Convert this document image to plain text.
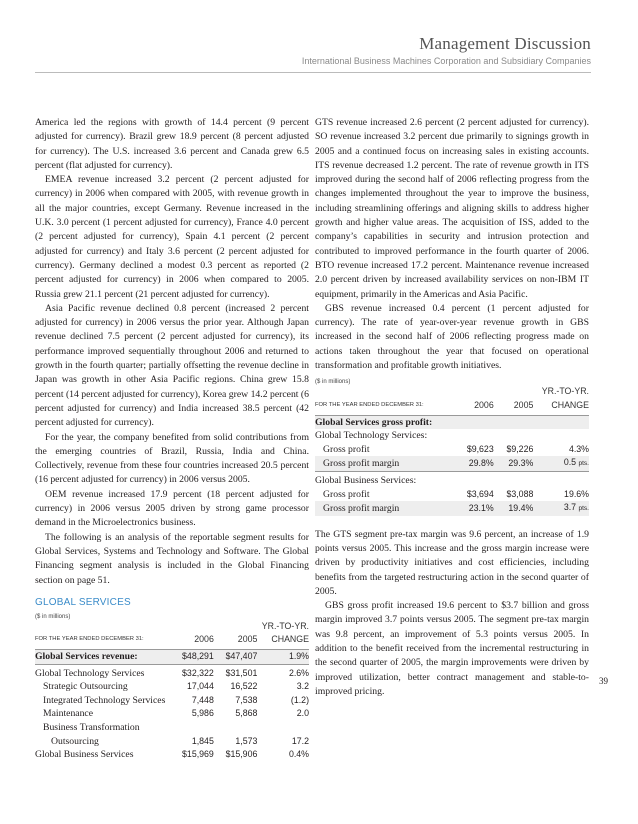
Management Discussion
International Business Machines Corporation and Subsidiary Companies

America led the regions with growth of 14.4 percent (9 percent adjusted for currency). Brazil grew 18.9 percent (8 percent adjusted for currency). The U.S. increased 3.6 percent and Canada grew 6.5 percent (flat adjusted for currency).

EMEA revenue increased 3.2 percent (2 percent adjusted for currency) in 2006 when compared with 2005, with revenue growth in all the major countries, except Germany. Revenue increased in the U.K. 3.0 percent (1 percent adjusted for currency), France 4.0 percent (2 percent adjusted for currency), Spain 4.1 percent (2 percent adjusted for currency) and Italy 3.6 percent (2 percent adjusted for currency). Germany declined a modest 0.3 percent as reported (2 percent adjusted for currency) in 2006 when compared to 2005. Russia grew 21.1 percent (21 percent adjusted for currency).

Asia Pacific revenue declined 0.8 percent (increased 2 percent adjusted for currency) in 2006 versus the prior year. Although Japan revenue declined 7.5 percent (2 percent adjusted for currency), its performance improved sequentially throughout 2006 and returned to growth in the fourth quarter; partially offsetting the revenue decline in Japan was growth in other Asia Pacific regions. China grew 15.8 percent (14 percent adjusted for currency), Korea grew 14.2 percent (6 percent adjusted for currency) and India increased 38.5 percent (42 percent adjusted for currency).

For the year, the company benefited from solid contributions from the emerging countries of Brazil, Russia, India and China. Collectively, revenue from these four countries increased 20.5 percent (16 percent adjusted for currency) in 2006 versus 2005.

OEM revenue increased 17.9 percent (18 percent adjusted for currency) in 2006 versus 2005 driven by strong game processor demand in the Microelectronics business.

The following is an analysis of the reportable segment results for Global Services, Systems and Technology and Software. The Global Financing segment analysis is included in the Global Financing section on page 51.

GLOBAL SERVICES
($ in millions)
FOR THE YEAR ENDED DECEMBER 31:	2006	2005	YR.-TO-YR. CHANGE
Global Services revenue:	$48,291	$47,407	1.9%
Global Technology Services	$32,322	$31,501	2.6%
Strategic Outsourcing	17,044	16,522	3.2
Integrated Technology Services	7,448	7,538	(1.2)
Maintenance	5,986	5,868	2.0
Business Transformation			
Outsourcing	1,845	1,573	17.2
Global Business Services	$15,969	$15,906	0.4%

GTS revenue increased 2.6 percent (2 percent adjusted for currency). SO revenue increased 3.2 percent due primarily to signings growth in 2005 and a continued focus on increasing sales in existing accounts. ITS revenue decreased 1.2 percent. The rate of revenue growth in ITS improved during the second half of 2006 reflecting progress from the changes implemented throughout the year to improve the business, including streamlining offerings and aligning skills to address higher growth and higher value areas. The acquisition of ISS, added to the company’s capabilities in security and intrusion protection and contributed to improved performance in the fourth quarter of 2006. BTO revenue increased 17.2 percent. Maintenance revenue increased 2.0 percent driven by increased availability services on non-IBM IT equipment, primarily in the Americas and Asia Pacific.

GBS revenue increased 0.4 percent (1 percent adjusted for currency). The rate of year-over-year revenue growth in GBS increased in the second half of 2006 reflecting progress made on actions taken throughout the year that focused on operational transformation and profitable growth initiatives.

($ in millions)
FOR THE YEAR ENDED DECEMBER 31:	2006	2005	YR.-TO-YR. CHANGE
Global Services gross profit:			
Global Technology Services:			
Gross profit	$9,623	$9,226	4.3%
Gross profit margin	29.8%	29.3%	0.5 pts.
Global Business Services:			
Gross profit	$3,694	$3,088	19.6%
Gross profit margin	23.1%	19.4%	3.7 pts.

The GTS segment pre-tax margin was 9.6 percent, an increase of 1.9 points versus 2005. This increase and the gross margin increase were driven by productivity initiatives and cost efficiencies, including benefits from the targeted restructuring action in the second quarter of 2005.

GBS gross profit increased 19.6 percent to $3.7 billion and gross margin improved 3.7 points versus 2005. The segment pre-tax margin was 9.8 percent, an improvement of 5.3 points versus 2005. In addition to the benefit received from the incremental restructuring in the second quarter of 2005, the margin improvements were driven by improved utilization, better contract management and stable-to-improved pricing.

39
